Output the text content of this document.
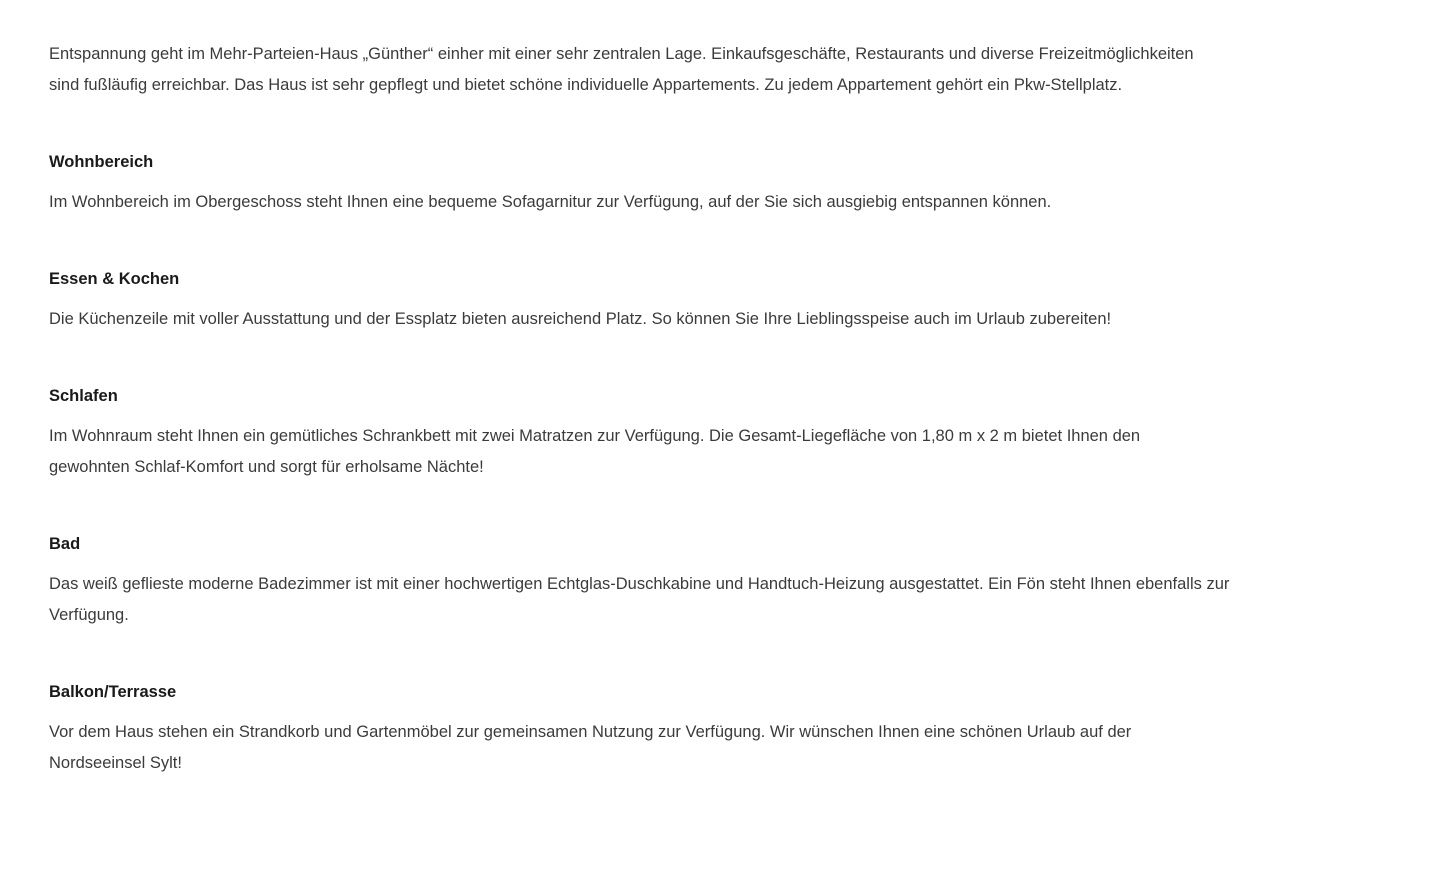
Entspannung geht im Mehr-Parteien-Haus „Günther“ einher mit einer sehr zentralen Lage. Einkaufsgeschäfte, Restaurants und diverse Freizeitmöglichkeiten
sind fußläufig erreichbar. Das Haus ist sehr gepflegt und bietet schöne individuelle Appartements. Zu jedem Appartement gehört ein Pkw-Stellplatz.
Wohnbereich
Im Wohnbereich im Obergeschoss steht Ihnen eine bequeme Sofagarnitur zur Verfügung, auf der Sie sich ausgiebig entspannen können.
Essen & Kochen
Die Küchenzeile mit voller Ausstattung und der Essplatz bieten ausreichend Platz. So können Sie Ihre Lieblingsspeise auch im Urlaub zubereiten!
Schlafen
Im Wohnraum steht Ihnen ein gemütliches Schrankbett mit zwei Matratzen zur Verfügung. Die Gesamt-Liegefläche von 1,80 m x 2 m bietet Ihnen den
gewohnten Schlaf-Komfort und sorgt für erholsame Nächte!
Bad
Das weiß geflieste moderne Badezimmer ist mit einer hochwertigen Echtglas-Duschkabine und Handtuch-Heizung ausgestattet. Ein Fön steht Ihnen ebenfalls zur
Verfügung.
Balkon/Terrasse
Vor dem Haus stehen ein Strandkorb und Gartenmöbel zur gemeinsamen Nutzung zur Verfügung. Wir wünschen Ihnen eine schönen Urlaub auf der
Nordseeinsel Sylt!
